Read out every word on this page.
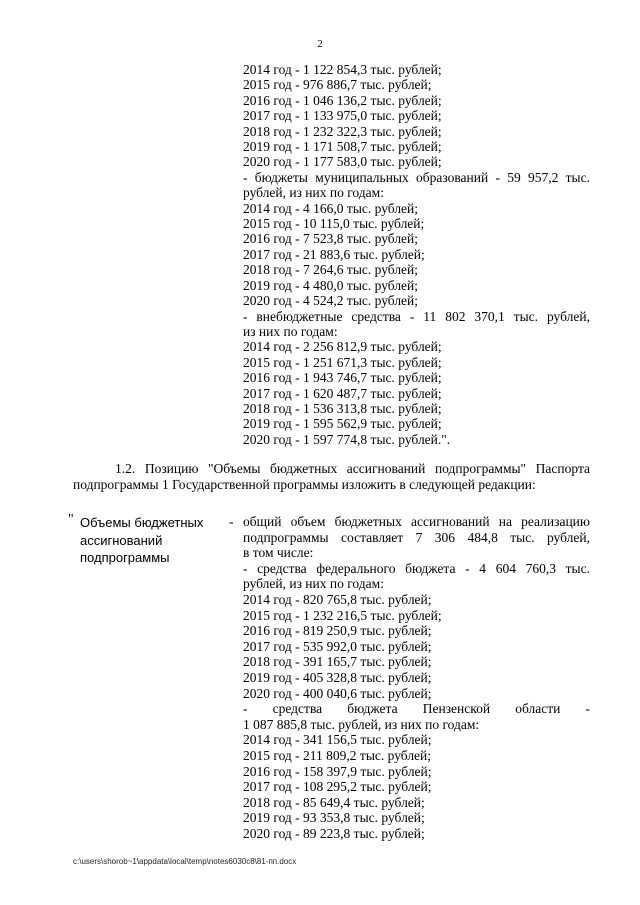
2
2014 год - 1 122 854,3 тыс. рублей;
2015 год - 976 886,7 тыс. рублей;
2016 год - 1 046 136,2 тыс. рублей;
2017 год - 1 133 975,0 тыс. рублей;
2018 год - 1 232 322,3 тыс. рублей;
2019 год - 1 171 508,7 тыс. рублей;
2020 год - 1 177 583,0 тыс. рублей;
- бюджеты муниципальных образований - 59 957,2 тыс.
рублей, из них по годам:
2014 год - 4 166,0 тыс. рублей;
2015 год - 10 115,0 тыс. рублей;
2016 год - 7 523,8 тыс. рублей;
2017 год - 21 883,6 тыс. рублей;
2018 год - 7 264,6 тыс. рублей;
2019 год - 4 480,0 тыс. рублей;
2020 год - 4 524,2 тыс. рублей;
- внебюджетные средства - 11 802 370,1 тыс. рублей,
из них по годам:
2014 год - 2 256 812,9 тыс. рублей;
2015 год - 1 251 671,3 тыс. рублей;
2016 год - 1 943 746,7 тыс. рублей;
2017 год - 1 620 487,7 тыс. рублей;
2018 год - 1 536 313,8 тыс. рублей;
2019 год - 1 595 562,9 тыс. рублей;
2020 год - 1 597 774,8 тыс. рублей.".
1.2. Позицию "Объемы бюджетных ассигнований подпрограммы" Паспорта подпрограммы 1 Государственной программы изложить в следующей редакции:
" Объемы бюджетных ассигнований подпрограммы
- общий объем бюджетных ассигнований на реализацию
подпрограммы составляет 7 306 484,8 тыс. рублей,
в том числе:
- средства федерального бюджета - 4 604 760,3 тыс.
рублей, из них по годам:
2014 год - 820 765,8 тыс. рублей;
2015 год - 1 232 216,5 тыс. рублей;
2016 год - 819 250,9 тыс. рублей;
2017 год - 535 992,0 тыс. рублей;
2018 год - 391 165,7 тыс. рублей;
2019 год - 405 328,8 тыс. рублей;
2020 год - 400 040,6 тыс. рублей;
- средства бюджета Пензенской области -
1 087 885,8 тыс. рублей, из них по годам:
2014 год - 341 156,5 тыс. рублей;
2015 год - 211 809,2 тыс. рублей;
2016 год - 158 397,9 тыс. рублей;
2017 год - 108 295,2 тыс. рублей;
2018 год - 85 649,4 тыс. рублей;
2019 год - 93 353,8 тыс. рублей;
2020 год - 89 223,8 тыс. рублей;
c:\users\shorob~1\appdata\local\temp\notes6030c8\81-пп.docx
